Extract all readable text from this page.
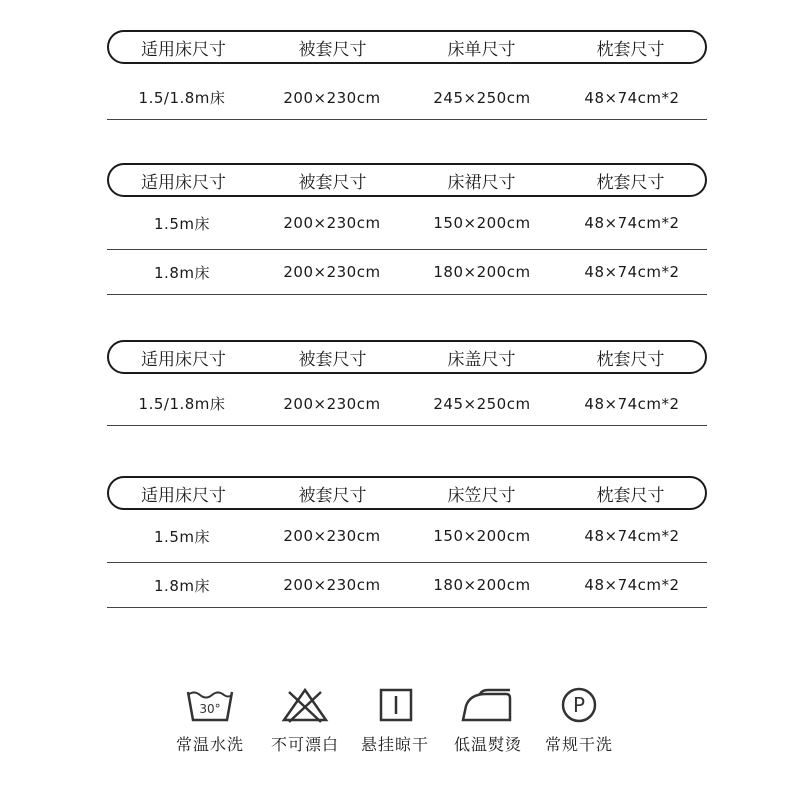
适用床尺寸	被套尺寸	床单尺寸	枕套尺寸
1.5/1.8m床	200×230cm	245×250cm	48×74cm*2
适用床尺寸	被套尺寸	床裙尺寸	枕套尺寸
1.5m床	200×230cm	150×200cm	48×74cm*2
1.8m床	200×230cm	180×200cm	48×74cm*2
适用床尺寸	被套尺寸	床盖尺寸	枕套尺寸
1.5/1.8m床	200×230cm	245×250cm	48×74cm*2
适用床尺寸	被套尺寸	床笠尺寸	枕套尺寸
1.5m床	200×230cm	150×200cm	48×74cm*2
1.8m床	200×230cm	180×200cm	48×74cm*2
30°
常温水洗	不可漂白	悬挂晾干	低温熨烫
P
常规干洗
